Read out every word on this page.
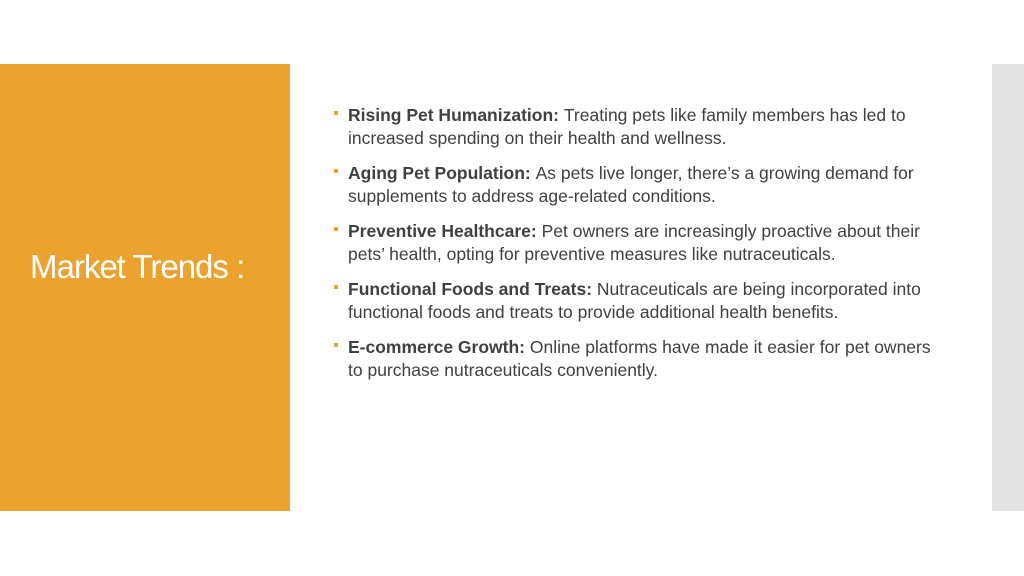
Market Trends :
Rising Pet Humanization: Treating pets like family members has led to increased spending on their health and wellness.
Aging Pet Population: As pets live longer, there’s a growing demand for supplements to address age-related conditions.
Preventive Healthcare: Pet owners are increasingly proactive about their pets’ health, opting for preventive measures like nutraceuticals.
Functional Foods and Treats: Nutraceuticals are being incorporated into functional foods and treats to provide additional health benefits.
E-commerce Growth: Online platforms have made it easier for pet owners to purchase nutraceuticals conveniently.
